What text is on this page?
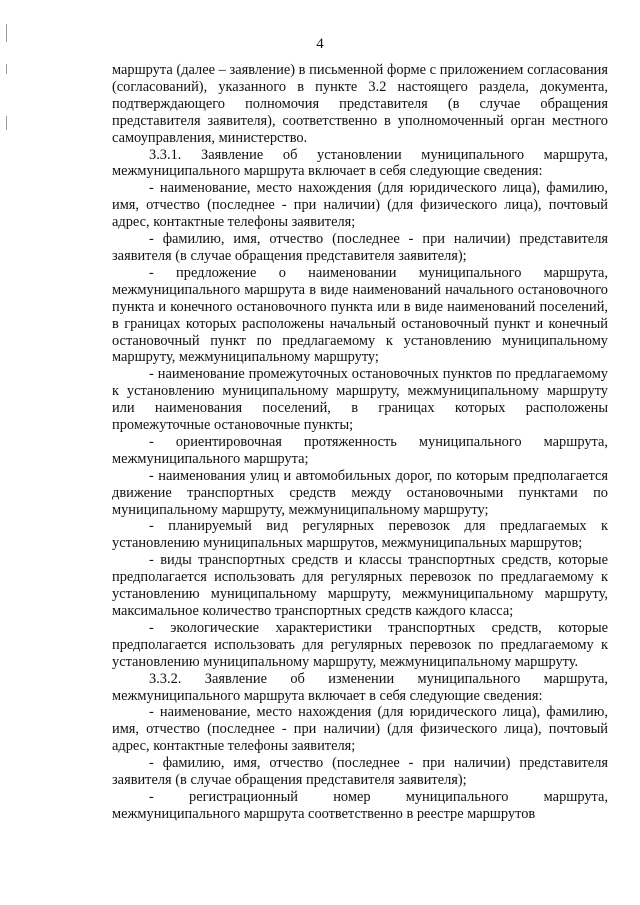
4

маршрута (далее – заявление) в письменной форме с приложением согласования (согласований), указанного в пункте 3.2 настоящего раздела, документа, подтверждающего полномочия представителя (в случае обращения представителя заявителя), соответственно в уполномоченный орган местного самоуправления, министерство.

3.3.1. Заявление об установлении муниципального маршрута, межмуниципального маршрута включает в себя следующие сведения:

- наименование, место нахождения (для юридического лица), фамилию, имя, отчество (последнее - при наличии) (для физического лица), почтовый адрес, контактные телефоны заявителя;

- фамилию, имя, отчество (последнее - при наличии) представителя заявителя (в случае обращения представителя заявителя);

- предложение о наименовании муниципального маршрута, межмуниципального маршрута в виде наименований начального остановочного пункта и конечного остановочного пункта или в виде наименований поселений, в границах которых расположены начальный остановочный пункт и конечный остановочный пункт по предлагаемому к установлению муниципальному маршруту, межмуниципальному маршруту;

- наименование промежуточных остановочных пунктов по предлагаемому к установлению муниципальному маршруту, межмуниципальному маршруту или наименования поселений, в границах которых расположены промежуточные остановочные пункты;

- ориентировочная протяженность муниципального маршрута, межмуниципального маршрута;

- наименования улиц и автомобильных дорог, по которым предполагается движение транспортных средств между остановочными пунктами по муниципальному маршруту, межмуниципальному маршруту;

- планируемый вид регулярных перевозок для предлагаемых к установлению муниципальных маршрутов, межмуниципальных маршрутов;

- виды транспортных средств и классы транспортных средств, которые предполагается использовать для регулярных перевозок по предлагаемому к установлению муниципальному маршруту, межмуниципальному маршруту, максимальное количество транспортных средств каждого класса;

- экологические характеристики транспортных средств, которые предполагается использовать для регулярных перевозок по предлагаемому к установлению муниципальному маршруту, межмуниципальному маршруту.

3.3.2. Заявление об изменении муниципального маршрута, межмуниципального маршрута включает в себя следующие сведения:

- наименование, место нахождения (для юридического лица), фамилию, имя, отчество (последнее - при наличии) (для физического лица), почтовый адрес, контактные телефоны заявителя;

- фамилию, имя, отчество (последнее - при наличии) представителя заявителя (в случае обращения представителя заявителя);

- регистрационный номер муниципального маршрута, межмуниципального маршрута соответственно в реестре маршрутов
